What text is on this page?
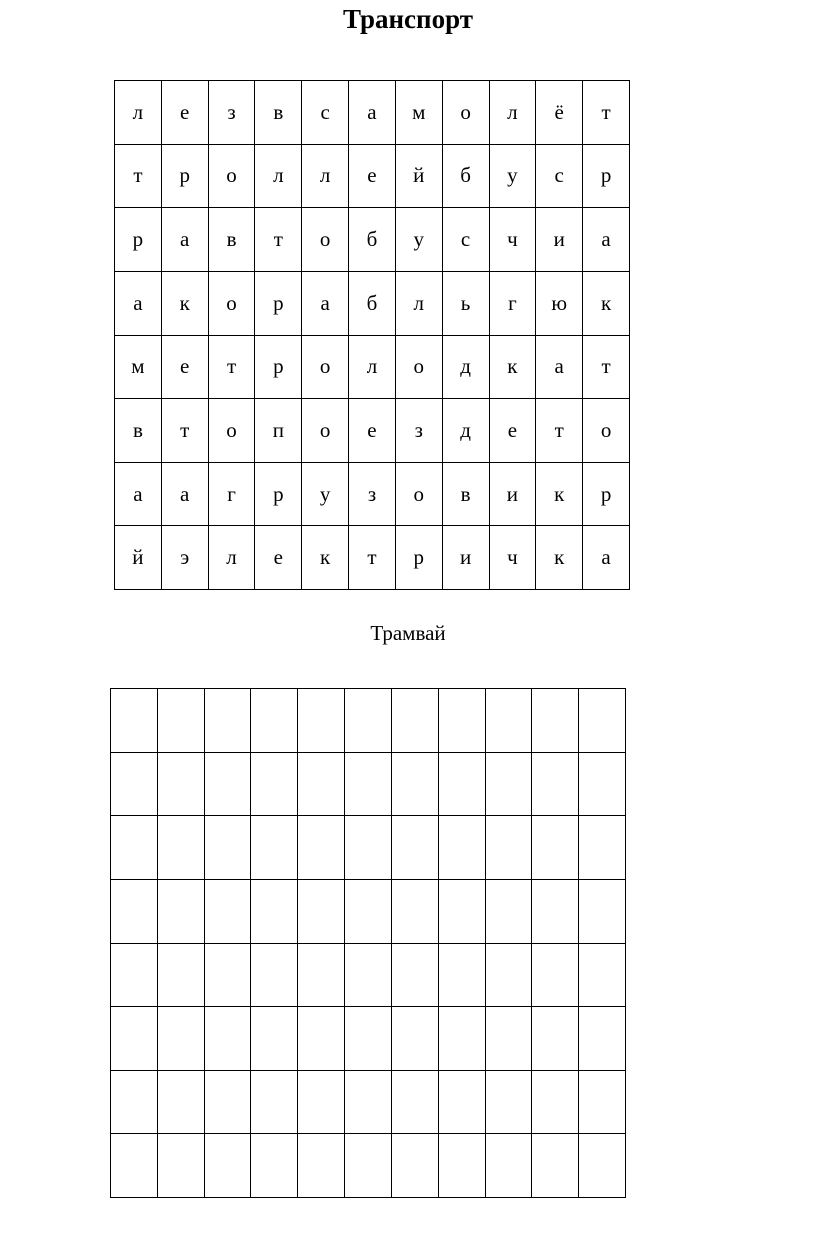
Транспорт
л	е	з	в	с	а	м	о	л	ё	т
т	р	о	л	л	е	й	б	у	с	р
р	а	в	т	о	б	у	с	ч	и	а
а	к	о	р	а	б	л	ь	г	ю	к
м	е	т	р	о	л	о	д	к	а	т
в	т	о	п	о	е	з	д	е	т	о
а	а	г	р	у	з	о	в	и	к	р
й	э	л	е	к	т	р	и	ч	к	а
Трамвай
